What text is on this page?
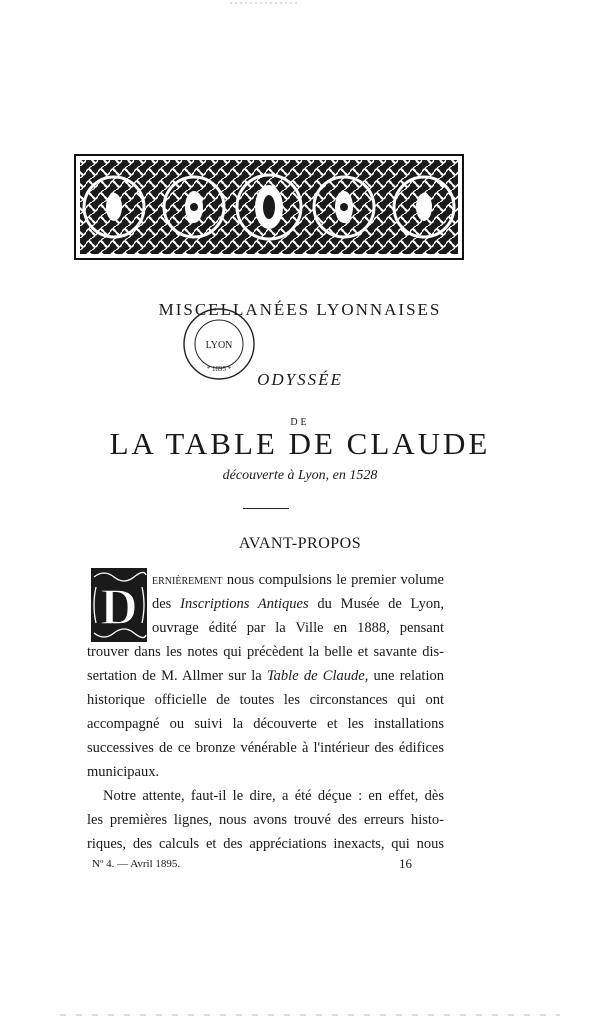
MISCELLANÉES LYONNAISES
LYON
* 1895 *
ODYSSÉE
DE
LA TABLE DE CLAUDE
découverte à Lyon, en 1528
AVANT-PROPOS
D ernièrement nous compulsions le premier volume
des Inscriptions Antiques du Musée de Lyon,
ouvrage édité par la Ville en 1888, pensant
trouver dans les notes qui précèdent la belle et savante dis-
sertation de M. Allmer sur la Table de Claude, une relation
historique officielle de toutes les circonstances qui ont
accompagné ou suivi la découverte et les installations
successives de ce bronze vénérable à l'intérieur des édifices
municipaux.
Notre attente, faut-il le dire, a été déçue : en effet, dès
les premières lignes, nous avons trouvé des erreurs histo-
riques, des calculs et des appréciations inexacts, qui nous
Nº 4. — Avril 1895.	16
